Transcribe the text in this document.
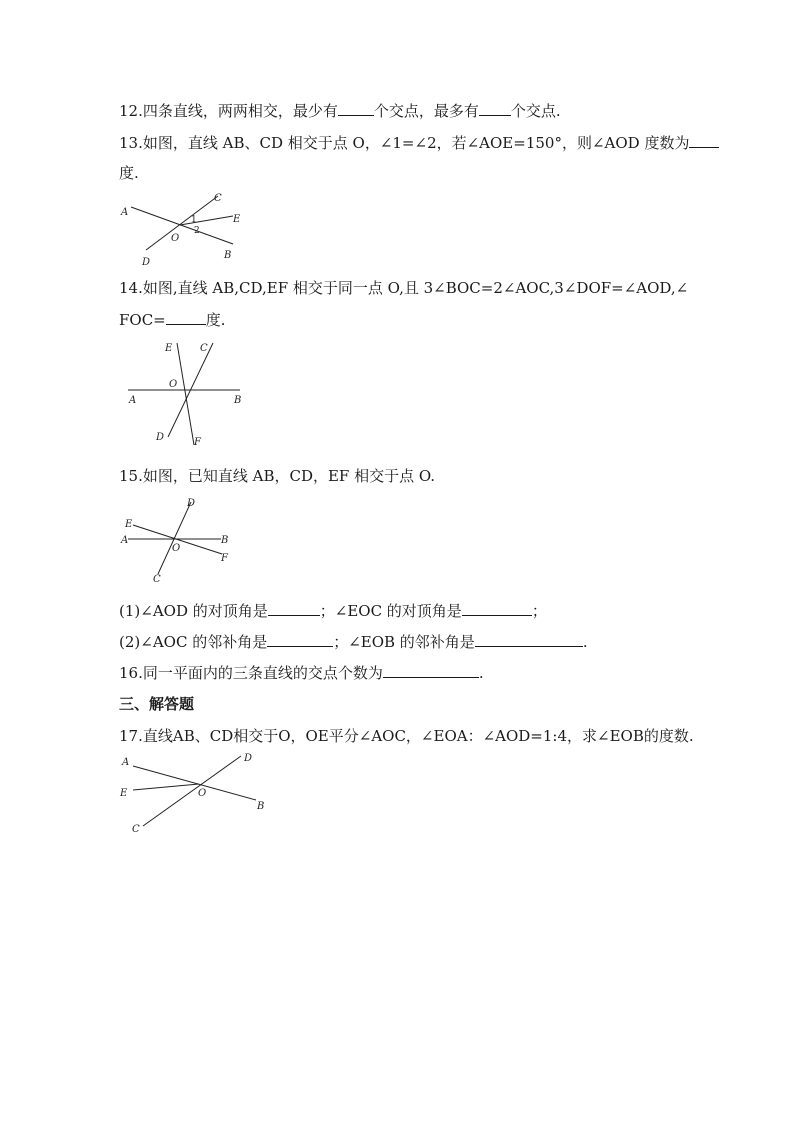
12.四条直线，两两相交，最少有 个交点，最多有 个交点.
13.如图，直线 AB、CD 相交于点 O，∠1=∠2，若∠AOE=150°，则∠AOD 度数为
度.
A
B
C
D
E
O
1
2
14.如图,直线 AB,CD,EF 相交于同一点 O,且 3∠BOC=2∠AOC,3∠DOF=∠AOD,∠
FOC=	度.
A	B
C
D
E
F
O
15.如图，已知直线 AB，CD，EF 相交于点 O.
A	B
C
D
E
F
O
(1)∠AOD 的对顶角是	；∠EOC 的对顶角是	；
(2)∠AOC 的邻补角是	；∠EOB 的邻补角是	.
16.同一平面内的三条直线的交点个数为	.
三、解答题
17.直线AB、CD相交于O，OE平分∠AOC，∠EOA：∠AOD=1:4，求∠EOB的度数.
A
B
C
D
E	O
